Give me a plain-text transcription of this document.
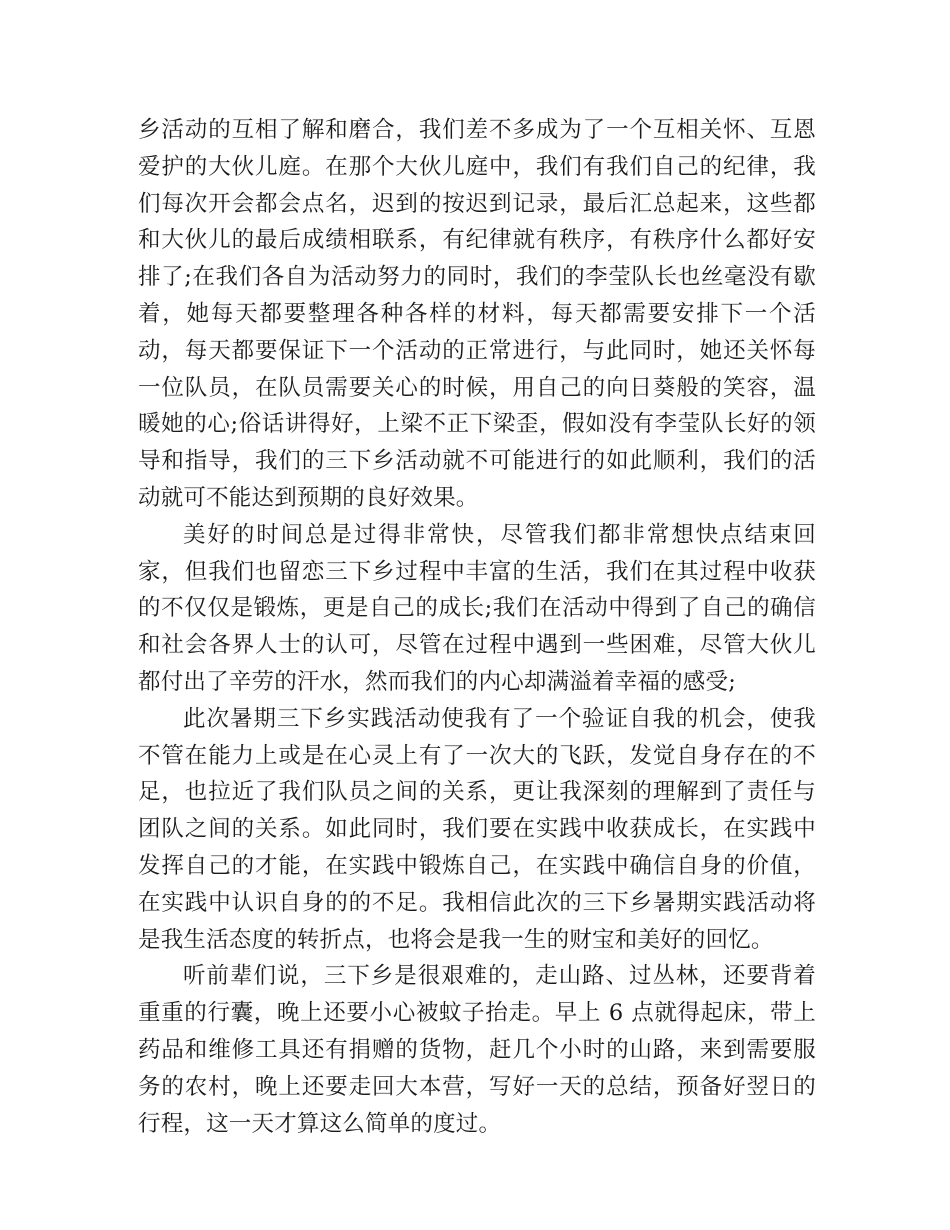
乡活动的互相了解和磨合，我们差不多成为了一个互相关怀、互恩爱护的大伙儿庭。在那个大伙儿庭中，我们有我们自己的纪律，我们每次开会都会点名，迟到的按迟到记录，最后汇总起来，这些都和大伙儿的最后成绩相联系，有纪律就有秩序，有秩序什么都好安排了;在我们各自为活动努力的同时，我们的李莹队长也丝毫没有歇着，她每天都要整理各种各样的材料，每天都需要安排下一个活动，每天都要保证下一个活动的正常进行，与此同时，她还关怀每一位队员，在队员需要关心的时候，用自己的向日葵般的笑容，温暖她的心;俗话讲得好，上梁不正下梁歪，假如没有李莹队长好的领导和指导，我们的三下乡活动就不可能进行的如此顺利，我们的活动就可不能达到预期的良好效果。

美好的时间总是过得非常快，尽管我们都非常想快点结束回家，但我们也留恋三下乡过程中丰富的生活，我们在其过程中收获的不仅仅是锻炼，更是自己的成长;我们在活动中得到了自己的确信和社会各界人士的认可，尽管在过程中遇到一些困难，尽管大伙儿都付出了辛劳的汗水，然而我们的内心却满溢着幸福的感受;

此次暑期三下乡实践活动使我有了一个验证自我的机会，使我不管在能力上或是在心灵上有了一次大的飞跃，发觉自身存在的不足，也拉近了我们队员之间的关系，更让我深刻的理解到了责任与团队之间的关系。如此同时，我们要在实践中收获成长，在实践中发挥自己的才能，在实践中锻炼自己，在实践中确信自身的价值，在实践中认识自身的的不足。我相信此次的三下乡暑期实践活动将是我生活态度的转折点，也将会是我一生的财宝和美好的回忆。

听前辈们说，三下乡是很艰难的，走山路、过丛林，还要背着重重的行囊，晚上还要小心被蚊子抬走。早上 6 点就得起床，带上药品和维修工具还有捐赠的货物，赶几个小时的山路，来到需要服务的农村，晚上还要走回大本营，写好一天的总结，预备好翌日的行程，这一天才算这么简单的度过。
